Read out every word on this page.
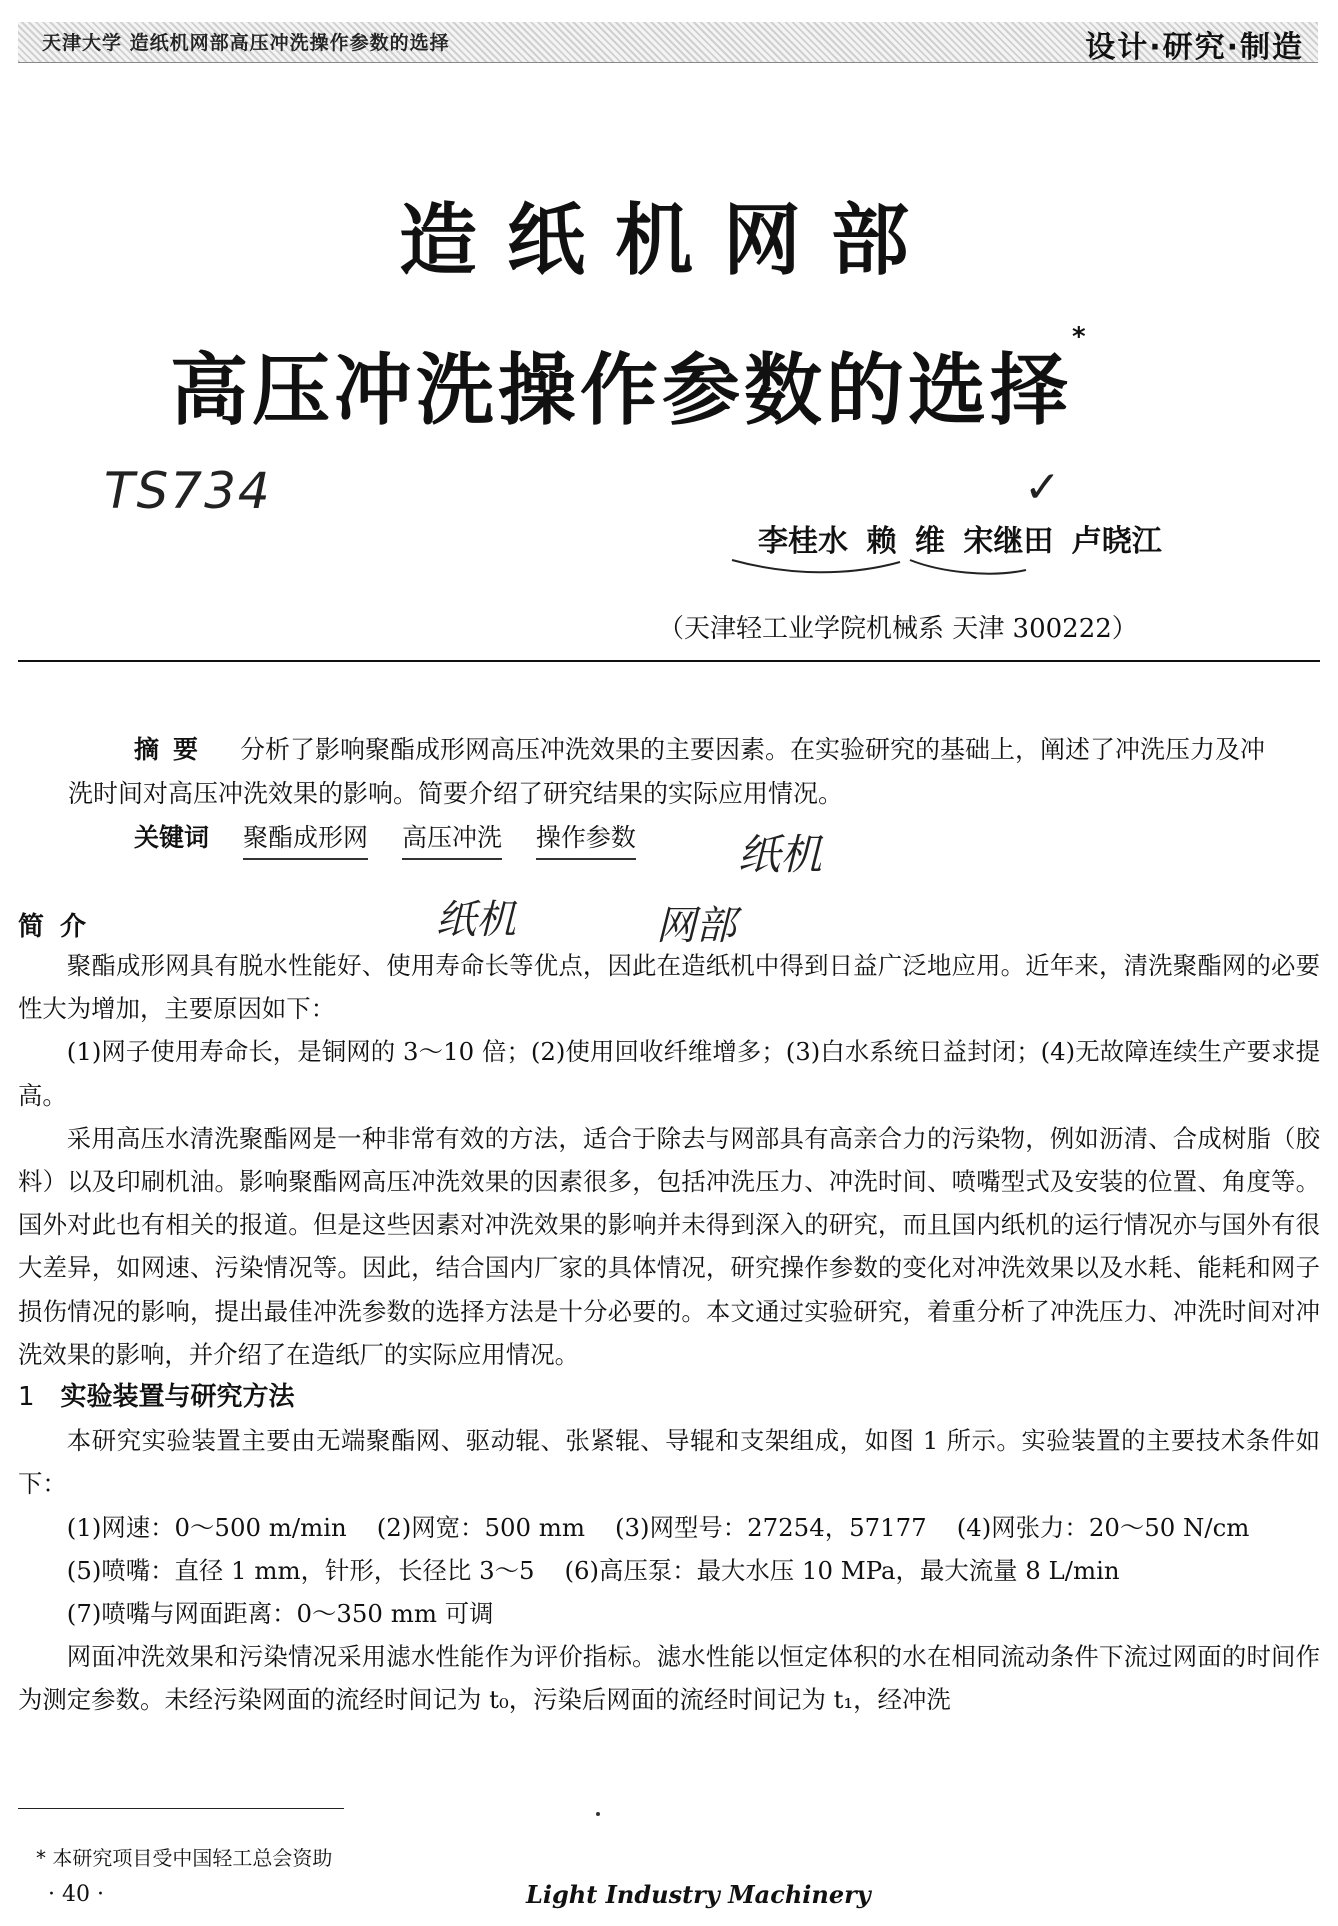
天津大学 造纸机网部高压冲洗操作参数的选择	设计·研究·制造
造纸机网部
高压冲洗操作参数的选择*
TS734	✓
李桂水 赖 维 宋继田 卢晓江
（天津轻工业学院机械系 天津 300222）
摘要 分析了影响聚酯成形网高压冲洗效果的主要因素。在实验研究的基础上，阐述了冲洗压力及冲洗时间对高压冲洗效果的影响。简要介绍了研究结果的实际应用情况。
关键词 聚酯成形网 高压冲洗 操作参数	纸机
纸机	网部
简介

聚酯成形网具有脱水性能好、使用寿命长等优点，因此在造纸机中得到日益广泛地应用。近年来，清洗聚酯网的必要性大为增加，主要原因如下：

(1)网子使用寿命长，是铜网的 3～10 倍；(2)使用回收纤维增多；(3)白水系统日益封闭；(4)无故障连续生产要求提高。

采用高压水清洗聚酯网是一种非常有效的方法，适合于除去与网部具有高亲合力的污染物，例如沥清、合成树脂（胶料）以及印刷机油。影响聚酯网高压冲洗效果的因素很多，包括冲洗压力、冲洗时间、喷嘴型式及安装的位置、角度等。国外对此也有相关的报道。但是这些因素对冲洗效果的影响并未得到深入的研究，而且国内纸机的运行情况亦与国外有很大差异，如网速、污染情况等。因此，结合国内厂家的具体情况，研究操作参数的变化对冲洗效果以及水耗、能耗和网子损伤情况的影响，提出最佳冲洗参数的选择方法是十分必要的。本文通过实验研究，着重分析了冲洗压力、冲洗时间对冲洗效果的影响，并介绍了在造纸厂的实际应用情况。

1 实验装置与研究方法

本研究实验装置主要由无端聚酯网、驱动辊、张紧辊、导辊和支架组成，如图 1 所示。实验装置的主要技术条件如下：

(1)网速：0～500 m/min (2)网宽：500 mm (3)网型号：27254，57177 (4)网张力：20～50 N/cm
(5)喷嘴：直径 1 mm，针形，长径比 3～5 (6)高压泵：最大水压 10 MPa，最大流量 8 L/min
(7)喷嘴与网面距离：0～350 mm 可调

网面冲洗效果和污染情况采用滤水性能作为评价指标。滤水性能以恒定体积的水在相同流动条件下流过网面的时间作为测定参数。未经污染网面的流经时间记为 t₀，污染后网面的流经时间记为 t₁，经冲洗

* 本研究项目受中国轻工总会资助
· 40 ·	Light Industry Machinery
